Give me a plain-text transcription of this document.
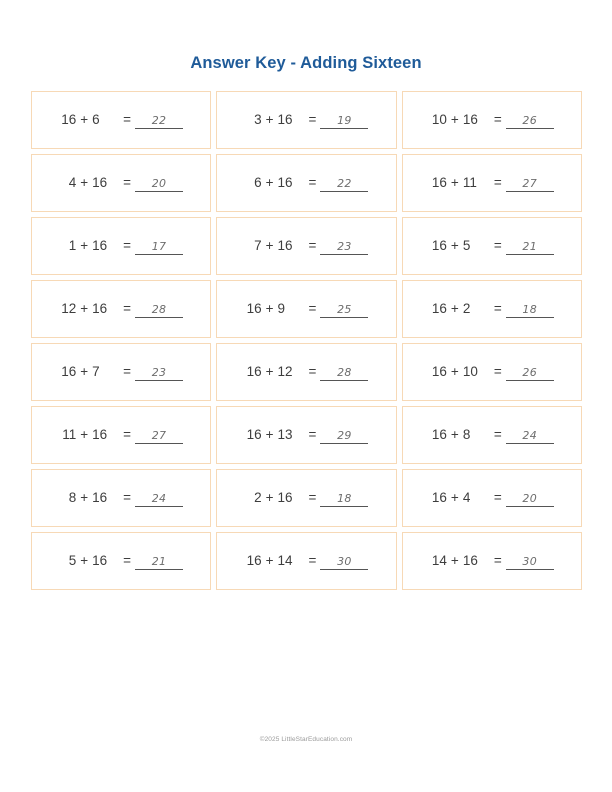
Answer Key - Adding Sixteen
16 + 6	=	22	3 + 16 =	19	10 + 16 =	26
4 + 16 =	20	6 + 16 =	22	16 + 11 =	27
1 + 16 =	17	7 + 16 =	23	16 + 5	=	21
12 + 16 =	28	16 + 9	=	25	16 + 2	=	18
16 + 7	=	23	16 + 12 =	28	16 + 10 =	26
11 + 16 =	27	16 + 13 =	29	16 + 8	=	24
8 + 16 =	24	2 + 16 =	18	16 + 4	=	20
5 + 16 =	21	16 + 14 =	30	14 + 16 =	30
©2025 LittleStarEducation.com
